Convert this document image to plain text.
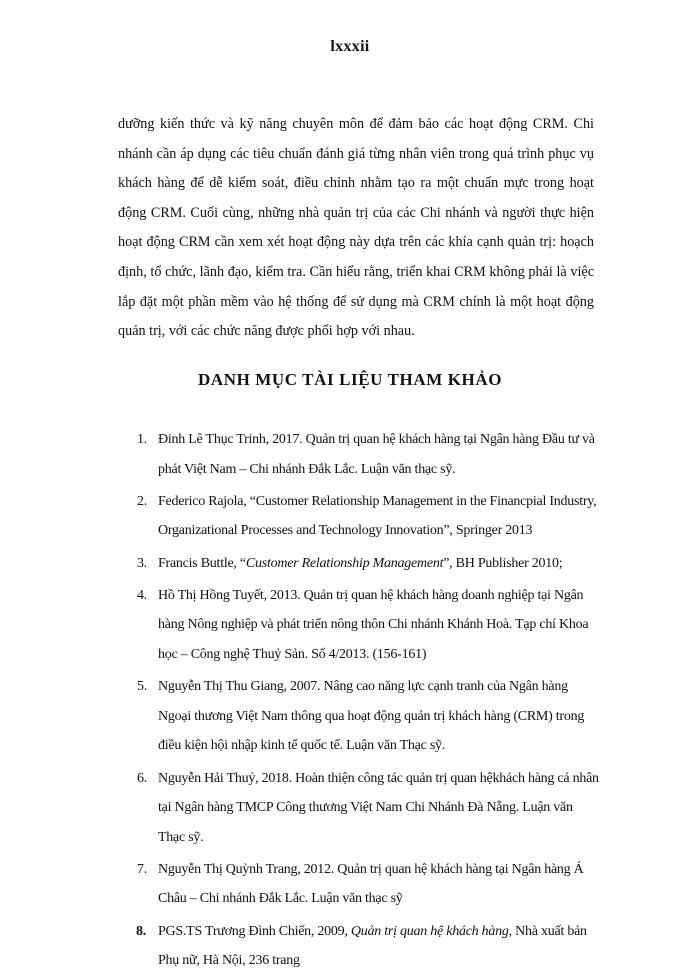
lxxxii

dưỡng kiến thức và kỹ năng chuyên môn để đảm bảo các hoạt động CRM. Chi nhánh cần áp dụng các tiêu chuẩn đánh giá từng nhân viên trong quá trình phục vụ khách hàng để dễ kiểm soát, điều chỉnh nhằm tạo ra một chuẩn mực trong hoạt động CRM. Cuối cùng, những nhà quản trị của các Chi nhánh và người thực hiện hoạt động CRM cần xem xét hoạt động này dựa trên các khía cạnh quản trị: hoạch định, tổ chức, lãnh đạo, kiểm tra. Cần hiểu rằng, triển khai CRM không phải là việc lắp đặt một phần mềm vào hệ thống để sử dụng mà CRM chính là một hoạt động quản trị, với các chức năng được phối hợp với nhau.

DANH MỤC TÀI LIỆU THAM KHẢO
1. Đinh Lê Thục Trinh, 2017. Quản trị quan hệ khách hàng tại Ngân hàng Đầu tư và phát Việt Nam – Chi nhánh Đắk Lắc. Luận văn thạc sỹ.
2. Federico Rajola, “Customer Relationship Management in the Financpial Industry, Organizational Processes and Technology Innovation”, Springer 2013
3. Francis Buttle, “Customer Relationship Management”, BH Publisher 2010;
4. Hồ Thị Hồng Tuyết, 2013. Quản trị quan hệ khách hàng doanh nghiệp tại Ngân hàng Nông nghiệp và phát triển nông thôn Chi nhánh Khánh Hoà. Tạp chí Khoa học – Công nghệ Thuỷ Sản. Số 4/2013. (156-161)
5. Nguyễn Thị Thu Giang, 2007. Nâng cao năng lực cạnh tranh của Ngân hàng Ngoại thương Việt Nam thông qua hoạt động quản trị khách hàng (CRM) trong điều kiện hội nhập kinh tế quốc tế. Luận văn Thạc sỹ.
6. Nguyễn Hải Thuỷ, 2018. Hoàn thiện công tác quản trị quan hệkhách hàng cá nhân tại Ngân hàng TMCP Công thương Việt Nam Chi Nhánh Đà Nẵng. Luận văn Thạc sỹ.
7. Nguyễn Thị Quỳnh Trang, 2012. Quản trị quan hệ khách hàng tại Ngân hàng Á Châu – Chi nhánh Đắk Lắc. Luận văn thạc sỹ
8. PGS.TS Trương Đình Chiến, 2009, Quản trị quan hệ khách hàng, Nhà xuất bản Phụ nữ, Hà Nội, 236 trang
